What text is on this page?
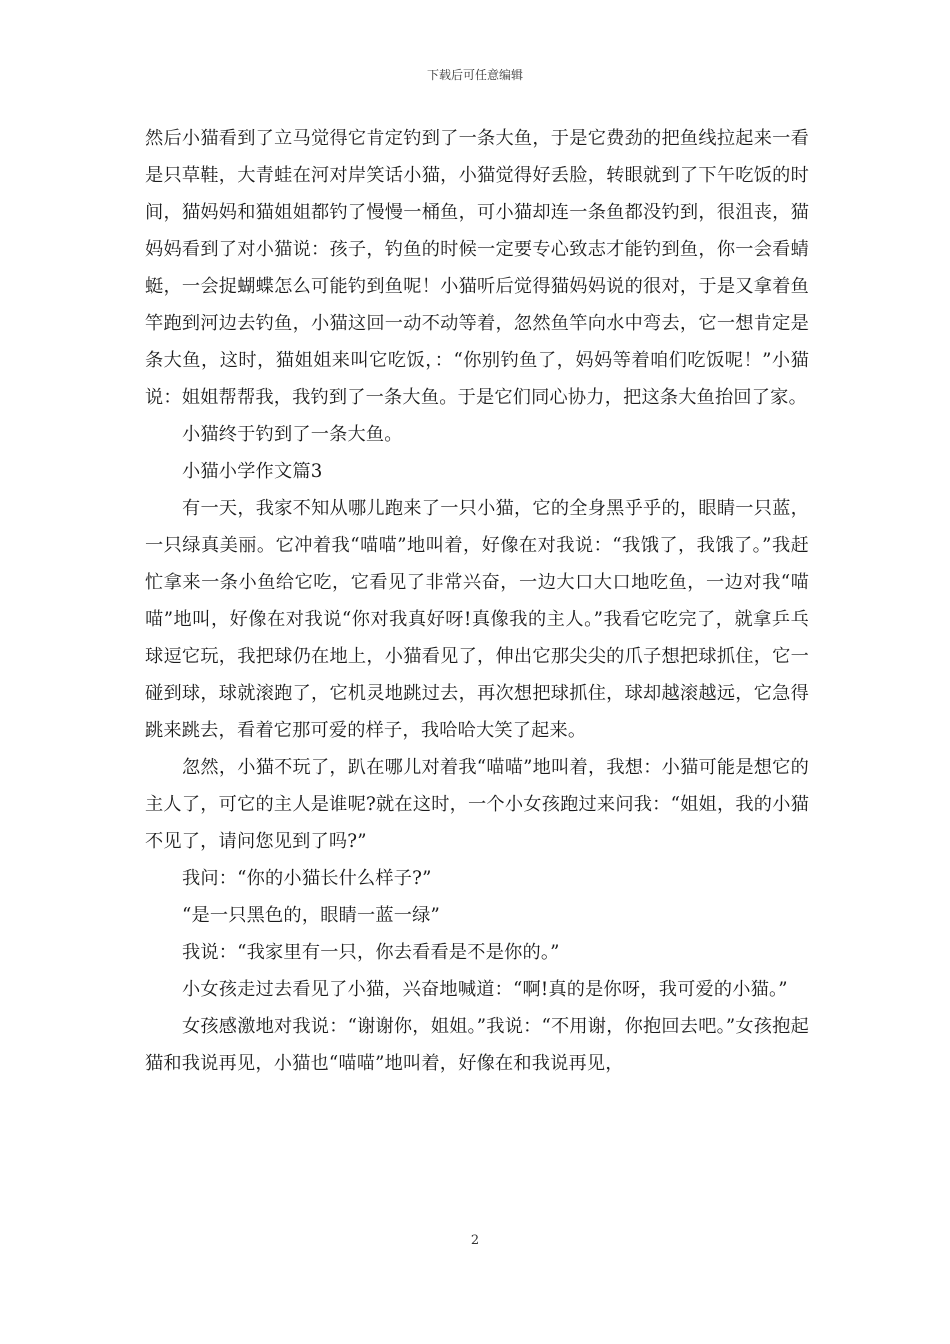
下载后可任意编辑

然后小猫看到了立马觉得它肯定钓到了一条大鱼，于是它费劲的把鱼线拉起来一看是只草鞋，大青蛙在河对岸笑话小猫，小猫觉得好丢脸，转眼就到了下午吃饭的时间，猫妈妈和猫姐姐都钓了慢慢一桶鱼，可小猫却连一条鱼都没钓到，很沮丧，猫妈妈看到了对小猫说：孩子，钓鱼的时候一定要专心致志才能钓到鱼，你一会看蜻蜓，一会捉蝴蝶怎么可能钓到鱼呢！小猫听后觉得猫妈妈说的很对，于是又拿着鱼竿跑到河边去钓鱼，小猫这回一动不动等着，忽然鱼竿向水中弯去，它一想肯定是条大鱼，这时，猫姐姐来叫它吃饭，：“你别钓鱼了，妈妈等着咱们吃饭呢！”小猫说：姐姐帮帮我，我钓到了一条大鱼。于是它们同心协力，把这条大鱼抬回了家。

小猫终于钓到了一条大鱼。

小猫小学作文篇3

有一天，我家不知从哪儿跑来了一只小猫，它的全身黑乎乎的，眼睛一只蓝，一只绿真美丽。它冲着我“喵喵”地叫着，好像在对我说：“我饿了，我饿了。”我赶忙拿来一条小鱼给它吃，它看见了非常兴奋，一边大口大口地吃鱼，一边对我“喵喵”地叫，好像在对我说“你对我真好呀!真像我的主人。”我看它吃完了，就拿乒乓球逗它玩，我把球仍在地上，小猫看见了，伸出它那尖尖的爪子想把球抓住，它一碰到球，球就滚跑了，它机灵地跳过去，再次想把球抓住，球却越滚越远，它急得跳来跳去，看着它那可爱的样子，我哈哈大笑了起来。

忽然，小猫不玩了，趴在哪儿对着我“喵喵”地叫着，我想：小猫可能是想它的主人了，可它的主人是谁呢?就在这时，一个小女孩跑过来问我：“姐姐，我的小猫不见了，请问您见到了吗?”

我问：“你的小猫长什么样子?”

“是一只黑色的，眼睛一蓝一绿”

我说：“我家里有一只，你去看看是不是你的。”

小女孩走过去看见了小猫，兴奋地喊道：“啊!真的是你呀，我可爱的小猫。”

女孩感激地对我说：“谢谢你，姐姐。”我说：“不用谢，你抱回去吧。”女孩抱起猫和我说再见，小猫也“喵喵”地叫着，好像在和我说再见，

2
